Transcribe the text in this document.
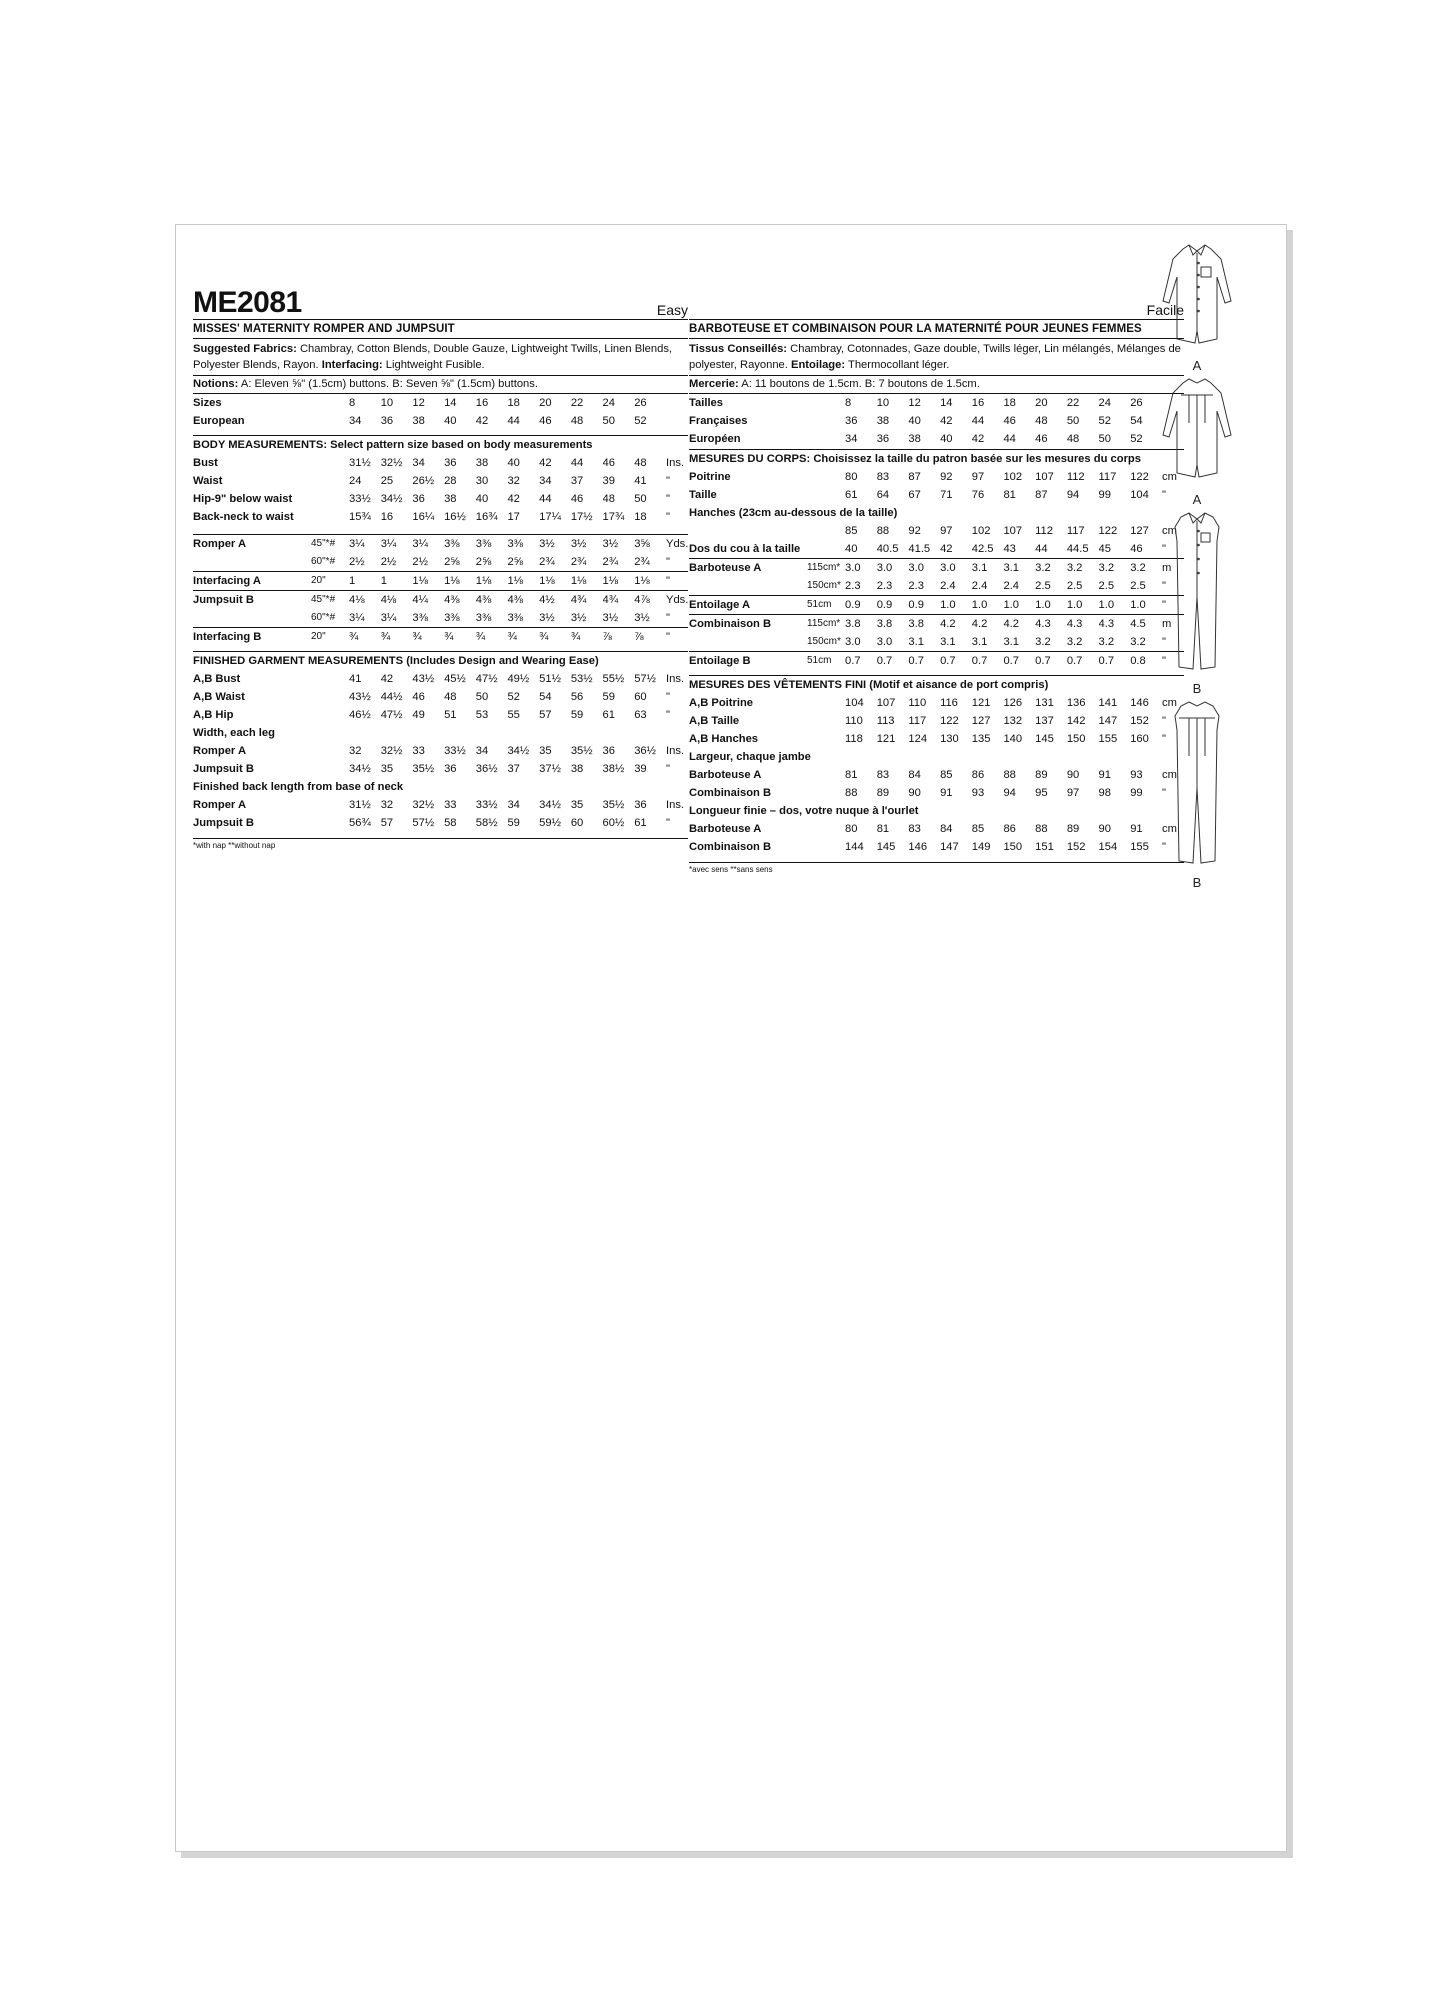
ME2081	Easy
MISSES' MATERNITY ROMPER AND JUMPSUIT
Suggested Fabrics: Chambray, Cotton Blends, Double Gauze, Lightweight Twills, Linen Blends, Polyester Blends, Rayon. Interfacing: Lightweight Fusible.
Notions: A: Eleven ⅝" (1.5cm) buttons. B: Seven ⅝" (1.5cm) buttons.
Sizes		8	10	12	14	16	18	20	22	24	26	
European		34	36	38	40	42	44	46	48	50	52	
BODY MEASUREMENTS: Select pattern size based on body measurements
Bust		31½	32½	34	36	38	40	42	44	46	48	Ins.
Waist		24	25	26½	28	30	32	34	37	39	41	"
Hip-9" below waist		33½	34½	36	38	40	42	44	46	48	50	"
Back-neck to waist		15¾	16	16¼	16½	16¾	17	17¼	17½	17¾	18	"
Romper A	45"*#	3¼	3¼	3¼	3⅜	3⅜	3⅜	3½	3½	3½	3⅝	Yds.
	60"*#	2½	2½	2½	2⅝	2⅝	2⅝	2¾	2¾	2¾	2¾	"
Interfacing A	20"	1	1	1⅛	1⅛	1⅛	1⅛	1⅛	1⅛	1⅛	1⅛	"
Jumpsuit B	45"*#	4⅛	4⅛	4¼	4⅜	4⅜	4⅜	4½	4¾	4¾	4⅞	Yds.
	60"*#	3¼	3¼	3⅜	3⅜	3⅜	3⅜	3½	3½	3½	3½	"
Interfacing B	20"	¾	¾	¾	¾	¾	¾	¾	¾	⅞	⅞	"
FINISHED GARMENT MEASUREMENTS (Includes Design and Wearing Ease)
A,B Bust		41	42	43½	45½	47½	49½	51½	53½	55½	57½	Ins.
A,B Waist		43½	44½	46	48	50	52	54	56	59	60	"
A,B Hip		46½	47½	49	51	53	55	57	59	61	63	"
Width, each leg
Romper A		32	32½	33	33½	34	34½	35	35½	36	36½	Ins.
Jumpsuit B		34½	35	35½	36	36½	37	37½	38	38½	39	"
Finished back length from base of neck
Romper A		31½	32	32½	33	33½	34	34½	35	35½	36	Ins.
Jumpsuit B		56¾	57	57½	58	58½	59	59½	60	60½	61	"
*with nap **without nap
Facile
BARBOTEUSE ET COMBINAISON POUR LA MATERNITÉ POUR JEUNES FEMMES
Tissus Conseillés: Chambray, Cotonnades, Gaze double, Twills léger, Lin mélangés, Mélanges de polyester, Rayonne. Entoilage: Thermocollant léger.
Mercerie: A: 11 boutons de 1.5cm. B: 7 boutons de 1.5cm.
Tailles		8	10	12	14	16	18	20	22	24	26	
Françaises		36	38	40	42	44	46	48	50	52	54	
Européen		34	36	38	40	42	44	46	48	50	52	
MESURES DU CORPS: Choisissez la taille du patron basée sur les mesures du corps
Poitrine		80	83	87	92	97	102	107	112	117	122	cm
Taille		61	64	67	71	76	81	87	94	99	104	"
Hanches (23cm au-dessous de la taille)
		85	88	92	97	102	107	112	117	122	127	cm
Dos du cou à la taille		40	40.5	41.5	42	42.5	43	44	44.5	45	46	"
Barboteuse A	115cm*	3.0	3.0	3.0	3.0	3.1	3.1	3.2	3.2	3.2	3.2	m
	150cm*	2.3	2.3	2.3	2.4	2.4	2.4	2.5	2.5	2.5	2.5	"
Entoilage A	51cm	0.9	0.9	0.9	1.0	1.0	1.0	1.0	1.0	1.0	1.0	"
Combinaison B	115cm*	3.8	3.8	3.8	4.2	4.2	4.2	4.3	4.3	4.3	4.5	m
	150cm*	3.0	3.0	3.1	3.1	3.1	3.1	3.2	3.2	3.2	3.2	"
Entoilage B	51cm	0.7	0.7	0.7	0.7	0.7	0.7	0.7	0.7	0.7	0.8	"
MESURES DES VÊTEMENTS FINI (Motif et aisance de port compris)
A,B Poitrine		104	107	110	116	121	126	131	136	141	146	cm
A,B Taille		110	113	117	122	127	132	137	142	147	152	"
A,B Hanches		118	121	124	130	135	140	145	150	155	160	"
Largeur, chaque jambe
Barboteuse A		81	83	84	85	86	88	89	90	91	93	cm
Combinaison B		88	89	90	91	93	94	95	97	98	99	"
Longueur finie – dos, votre nuque à l'ourlet
Barboteuse A		80	81	83	84	85	86	88	89	90	91	cm
Combinaison B		144	145	146	147	149	150	151	152	154	155	"
*avec sens **sans sens
A
A
B
B
